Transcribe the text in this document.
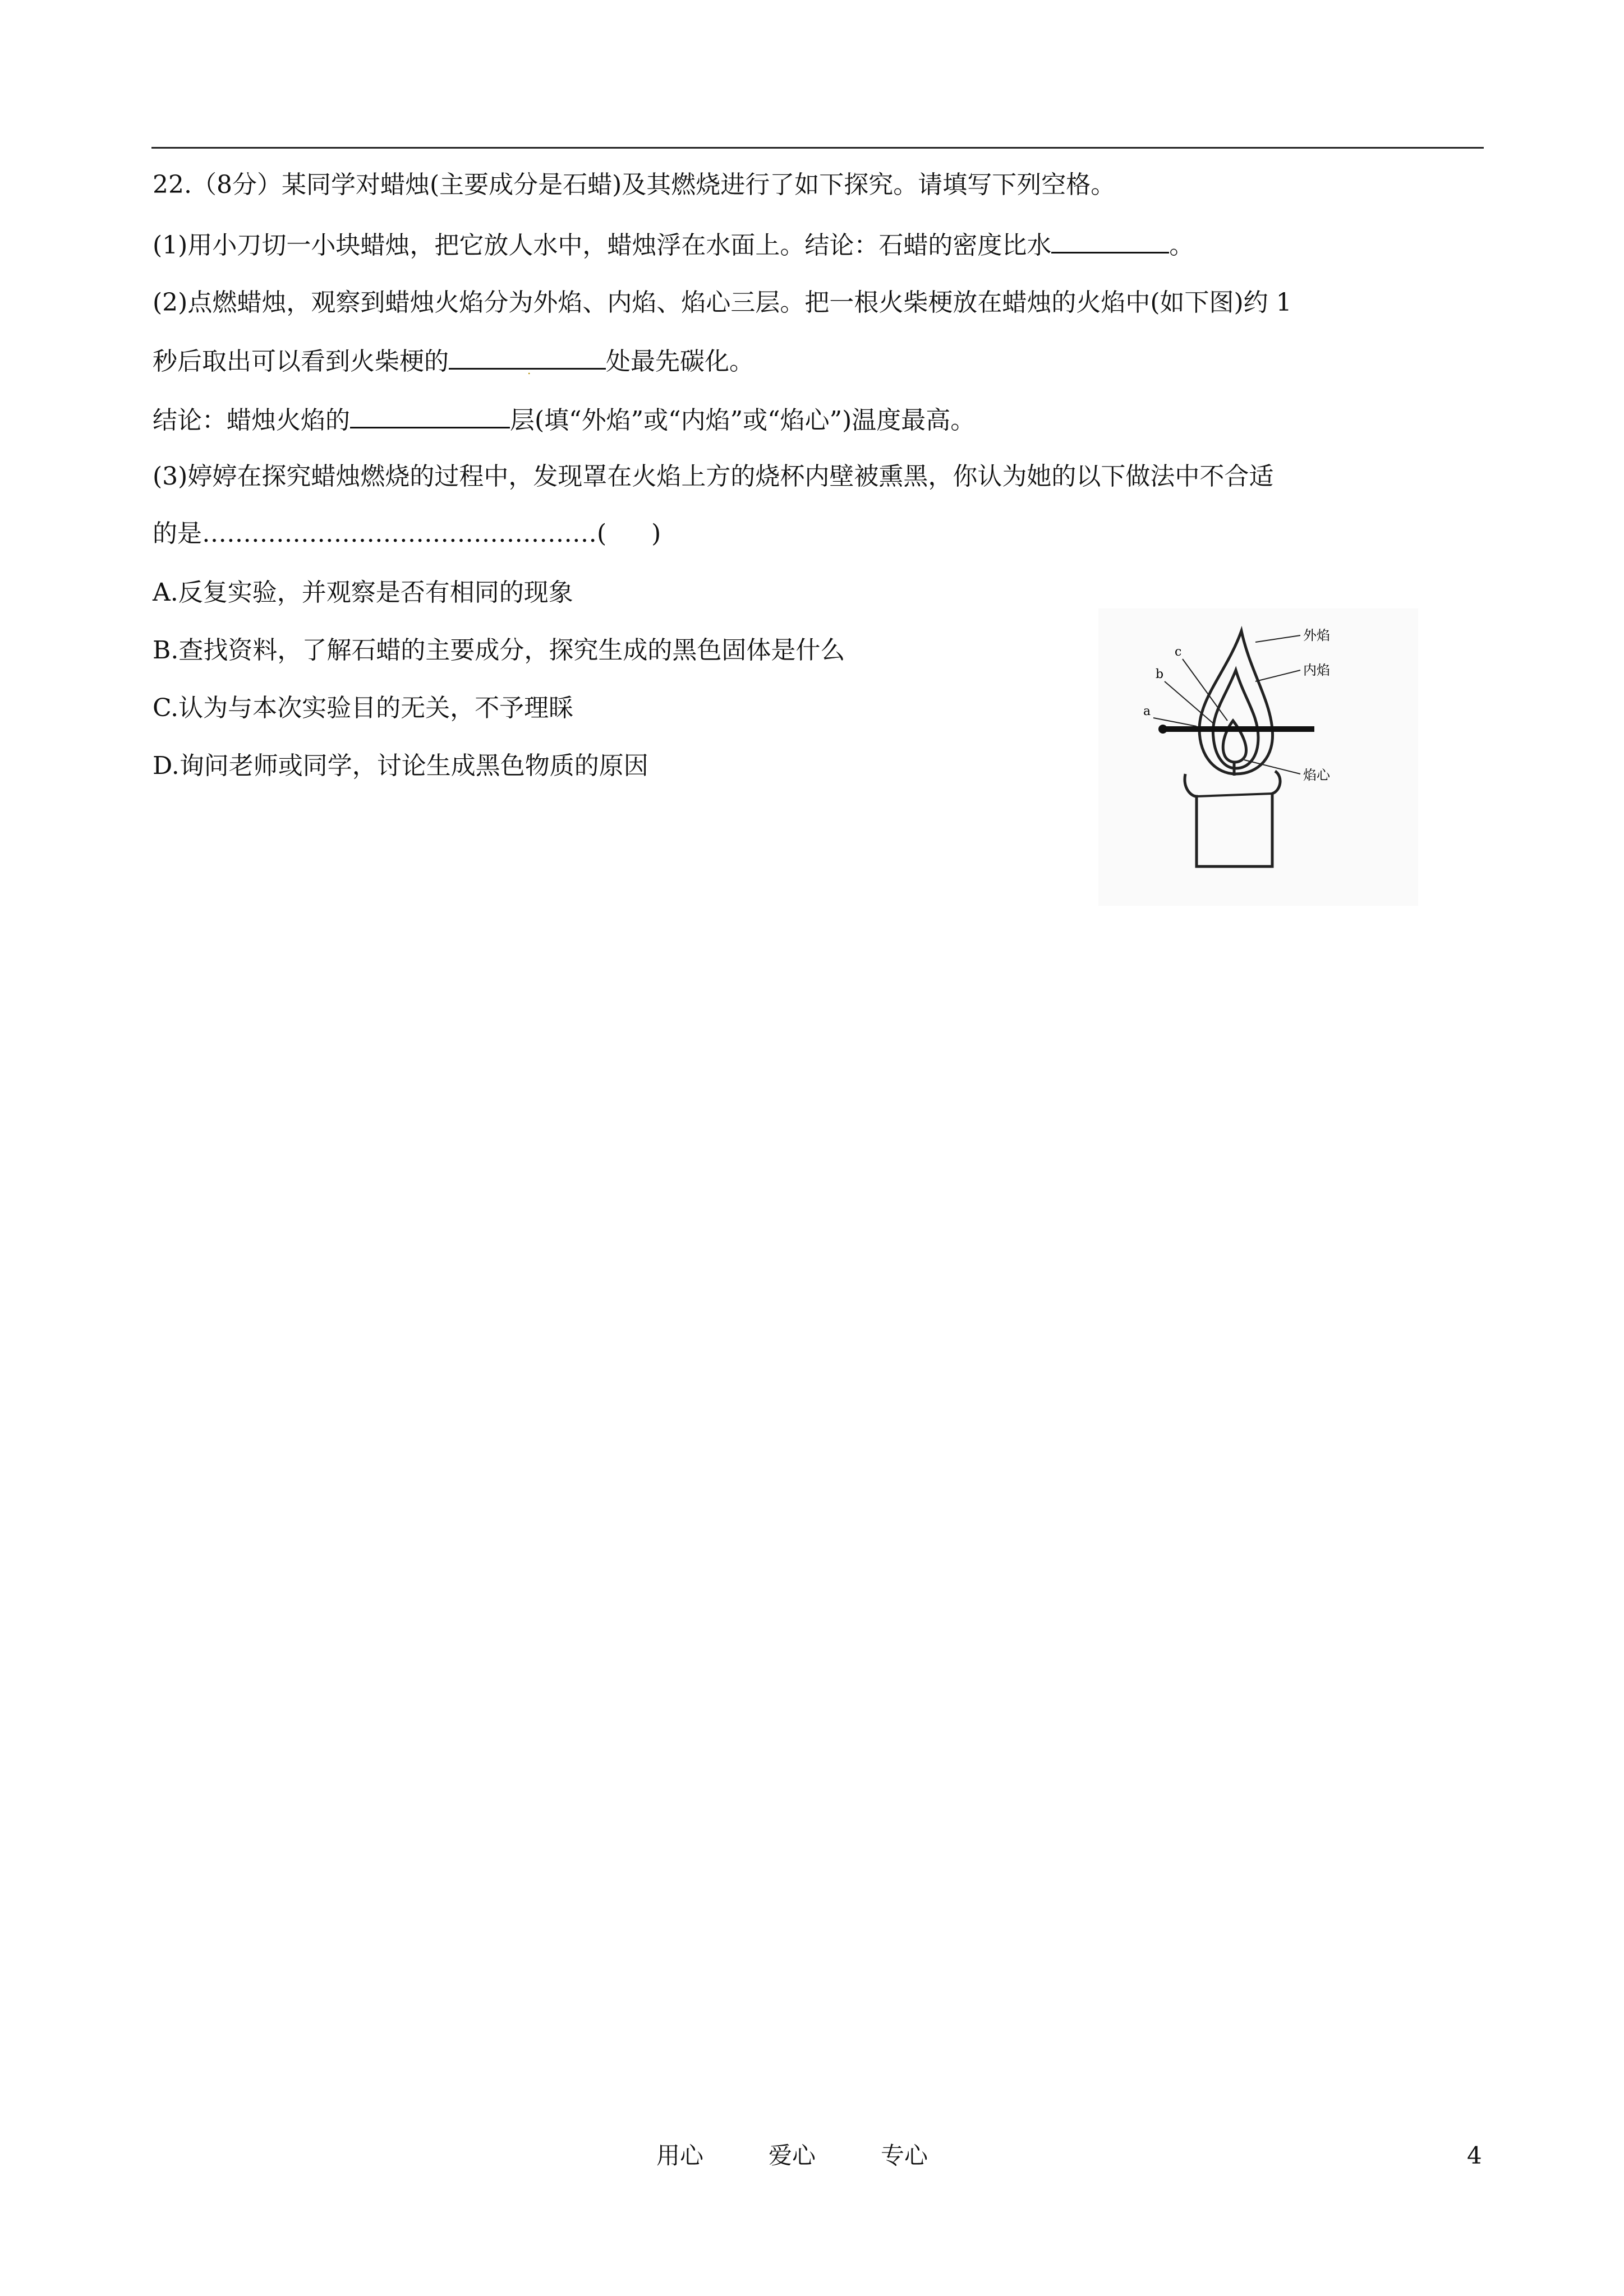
22.（8分）某同学对蜡烛(主要成分是石蜡)及其燃烧进行了如下探究。请填写下列空格。
(1)用小刀切一小块蜡烛，把它放人水中，蜡烛浮在水面上。结论：石蜡的密度比水	。
(2)点燃蜡烛，观察到蜡烛火焰分为外焰、内焰、焰心三层。把一根火柴梗放在蜡烛的火焰中(如下图)约 1
秒后取出可以看到火柴梗的	.	处最先碳化。
结论：蜡烛火焰的	层(填“外焰”或“内焰”或“焰心”)温度最高。
(3)婷婷在探究蜡烛燃烧的过程中，发现罩在火焰上方的烧杯内壁被熏黑，你认为她的以下做法中不合适
的是…………………………………………( )
A.反复实验，并观察是否有相同的现象
B.查找资料，了解石蜡的主要成分，探究生成的黑色固体是什么
C.认为与本次实验目的无关，不予理睬
D.询问老师或同学，讨论生成黑色物质的原因
a
b
c
外焰
内焰
焰心
用心	爱心	专心	4
